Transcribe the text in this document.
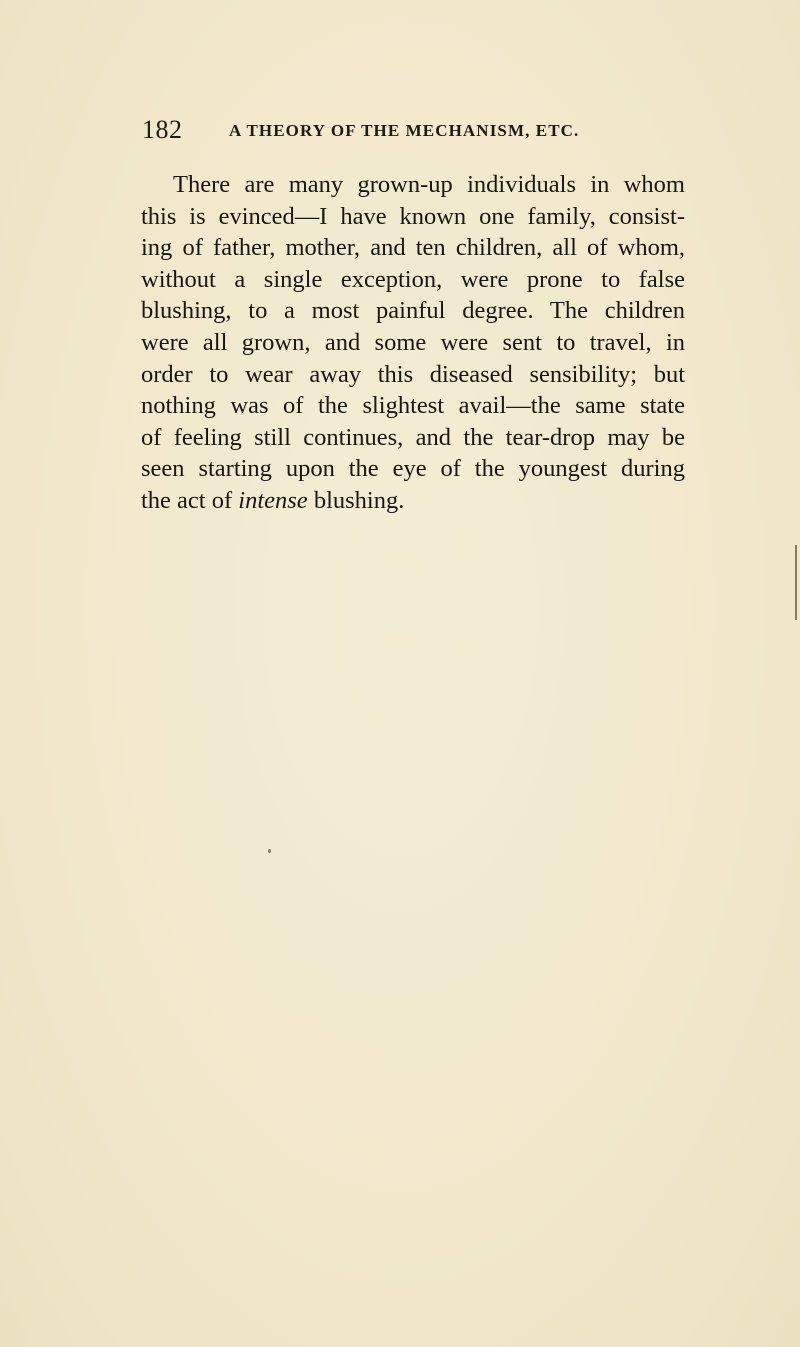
182	A THEORY OF THE MECHANISM, ETC.

There are many grown-up individuals in whom
this is evinced—I have known one family, consist-
ing of father, mother, and ten children, all of whom,
without a single exception, were prone to false
blushing, to a most painful degree. The children
were all grown, and some were sent to travel, in
order to wear away this diseased sensibility; but
nothing was of the slightest avail—the same state
of feeling still continues, and the tear-drop may be
seen starting upon the eye of the youngest during
the act of intense blushing.
